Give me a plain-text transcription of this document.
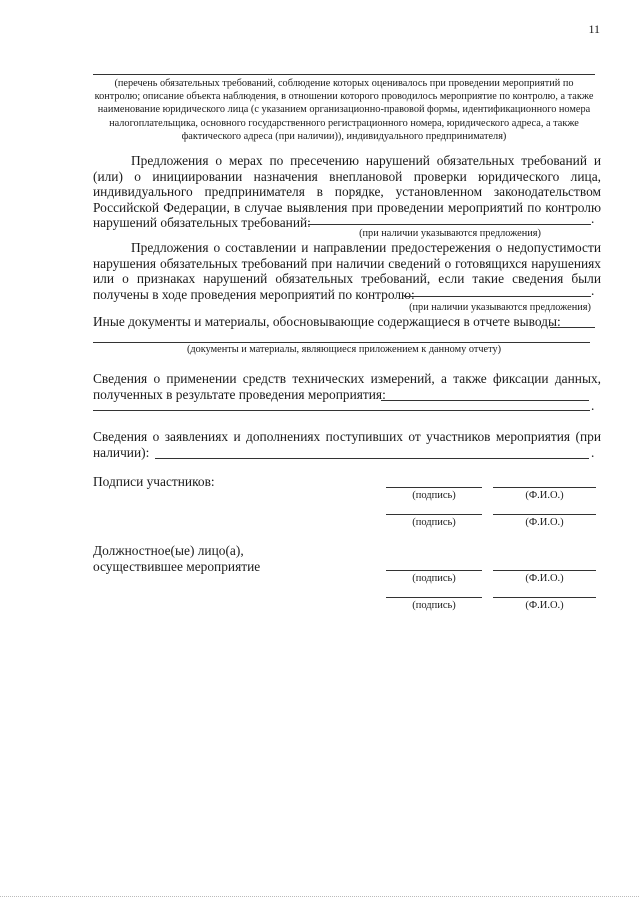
11
(перечень обязательных требований, соблюдение которых оценивалось при проведении мероприятий по контролю; описание объекта наблюдения, в отношении которого проводилось мероприятие по контролю, а также наименование юридического лица (с указанием организационно-правовой формы, идентификационного номера налогоплательщика, основного государственного регистрационного номера, юридического адреса, а также фактического адреса (при наличии)), индивидуального предпринимателя)
Предложения о мерах по пресечению нарушений обязательных требований и (или) о инициировании назначения внеплановой проверки юридического лица, индивидуального предпринимателя в порядке, установленном законодательством Российской Федерации, в случае выявления при проведении мероприятий по контролю нарушений обязательных требований:	.
(при наличии указываются предложения)
Предложения о составлении и направлении предостережения о недопустимости нарушения обязательных требований при наличии сведений о готовящихся нарушениях или о признаках нарушений обязательных требований, если такие сведения были получены в ходе проведения мероприятий по контролю:	.
(при наличии указываются предложения)
Иные документы и материалы, обосновывающие содержащиеся в отчете выводы:
(документы и материалы, являющиеся приложением к данному отчету)
Сведения о применении средств технических измерений, а также фиксации данных, полученных в результате проведения мероприятия:
.
Сведения о заявлениях и дополнениях поступивших от участников мероприятия (при наличии):	.
Подписи участников:
(подпись)	(Ф.И.О.)
(подпись)	(Ф.И.О.)
Должностное(ые) лицо(а),
осуществившее мероприятие
(подпись)	(Ф.И.О.)
(подпись)	(Ф.И.О.)
